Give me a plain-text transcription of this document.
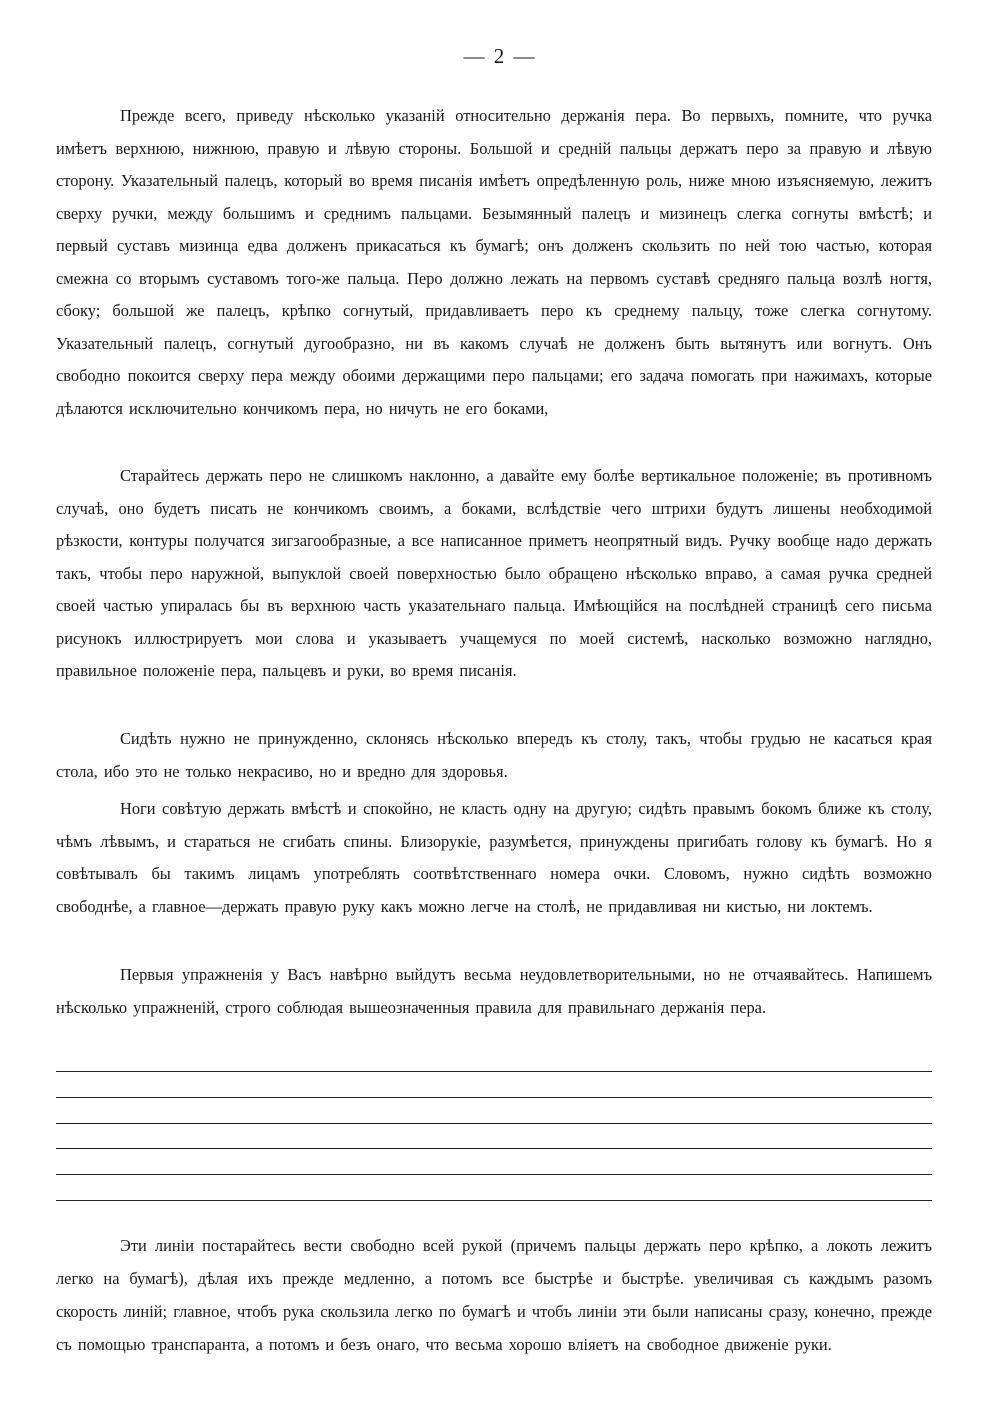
— 2 —

Прежде всего, приведу нѣсколько указаній относительно держанія пера. Во первыхъ, помните, что ручка имѣетъ верхнюю, нижнюю, правую и лѣвую стороны. Большой и средній пальцы держатъ перо за правую и лѣвую сторону. Указательный палецъ, который во время писанія имѣетъ опредѣленную роль, ниже мною изъясняемую, лежитъ сверху ручки, между большимъ и среднимъ пальцами. Безымянный палецъ и мизинецъ слегка согнуты вмѣстѣ; и первый суставъ мизинца едва долженъ прикасаться къ бумагѣ; онъ долженъ скользить по ней тою частью, которая смежна со вторымъ суставомъ того-же пальца. Перо должно лежать на первомъ суставѣ средняго пальца возлѣ ногтя, сбоку; большой же палецъ, крѣпко согнутый, придавливаетъ перо къ среднему пальцу, тоже слегка согнутому. Указательный палецъ, согнутый дугообразно, ни въ какомъ случаѣ не долженъ быть вытянутъ или вогнутъ. Онъ свободно покоится сверху пера между обоими держащими перо пальцами; его задача помогать при нажимахъ, которые дѣлаются исключительно кончикомъ пера, но ничуть не его боками,

Старайтесь держать перо не слишкомъ наклонно, а давайте ему болѣе вертикальное положеніе; въ противномъ случаѣ, оно будетъ писать не кончикомъ своимъ, а боками, вслѣдствіе чего штрихи будутъ лишены необходимой рѣзкости, контуры получатся зигзагообразные, а все написанное приметъ неопрятный видъ. Ручку вообще надо держать такъ, чтобы перо наружной, выпуклой своей поверхностью было обращено нѣсколько вправо, а самая ручка средней своей частью упиралась бы въ верхнюю часть указательнаго пальца. Имѣющійся на послѣдней страницѣ сего письма рисунокъ иллюстрируетъ мои слова и указываетъ учащемуся по моей системѣ, насколько возможно наглядно, правильное положеніе пера, пальцевъ и руки, во время писанія.

Сидѣть нужно не принужденно, склонясь нѣсколько впередъ къ столу, такъ, чтобы грудью не касаться края стола, ибо это не только некрасиво, но и вредно для здоровья.

Ноги совѣтую держать вмѣстѣ и спокойно, не класть одну на другую; сидѣть правымъ бокомъ ближе къ столу, чѣмъ лѣвымъ, и стараться не сгибать спины. Близорукіе, разумѣется, принуждены пригибать голову къ бумагѣ. Но я совѣтывалъ бы такимъ лицамъ употреблять соотвѣтственнаго номера очки. Словомъ, нужно сидѣть возможно свободнѣе, а главное—держать правую руку какъ можно легче на столѣ, не придавливая ни кистью, ни локтемъ.

Первыя упражненія у Васъ навѣрно выйдутъ весьма неудовлетворительными, но не отчаявайтесь. Напишемъ нѣсколько упражненій, строго соблюдая вышеозначенныя правила для правильнаго держанія пера.

Эти линіи постарайтесь вести свободно всей рукой (причемъ пальцы держать перо крѣпко, а локоть лежитъ легко на бумагѣ), дѣлая ихъ прежде медленно, а потомъ все быстрѣе и быстрѣе. увеличивая съ каждымъ разомъ скорость линій; главное, чтобъ рука скользила легко по бумагѣ и чтобъ линіи эти были написаны сразу, конечно, прежде съ помощью транспаранта, а потомъ и безъ онаго, что весьма хорошо вліяетъ на свободное движеніе руки.
